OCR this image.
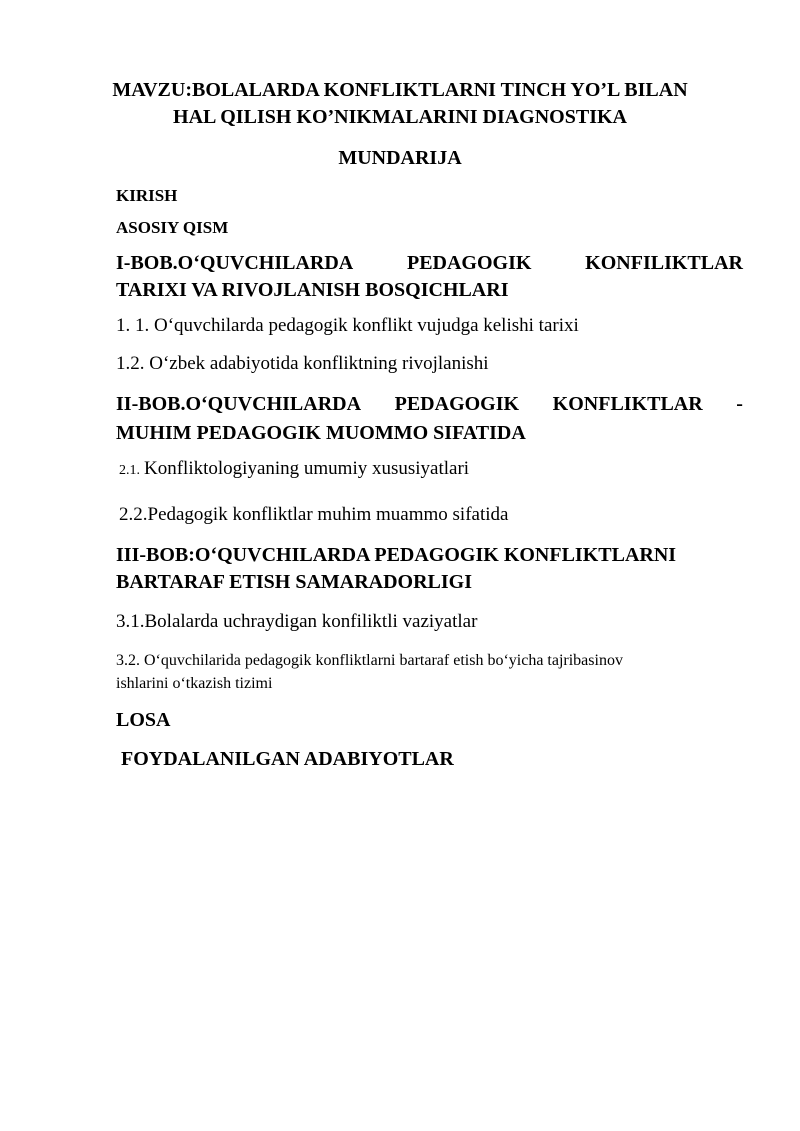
MAVZU:BOLALARDA KONFLIKTLARNI TINCH YO’L BILAN
HAL QILISH KO’NIKMALARINI DIAGNOSTIKA
MUNDARIJA
KIRISH
ASOSIY QISM
I-BOB.O‘QUVCHILARDA	PEDAGOGIK	KONFILIKTLAR
TARIXI VA RIVOJLANISH BOSQICHLARI
1. 1. O‘quvchilarda pedagogik konflikt vujudga kelishi tarixi
1.2. O‘zbek adabiyotida konfliktning rivojlanishi
II-BOB.O‘QUVCHILARDA PEDAGOGIK KONFLIKTLAR -
MUHIM PEDAGOGIK MUOMMO SIFATIDA
2.1. Konfliktologiyaning umumiy xususiyatlari
2.2.Pedagogik konfliktlar muhim muammo sifatida
III-BOB:O‘QUVCHILARDA PEDAGOGIK KONFLIKTLARNI
BARTARAF ETISH SAMARADORLIGI
3.1.Bolalarda uchraydigan konfiliktli vaziyatlar
3.2. O‘quvchilarida pedagogik konfliktlarni bartaraf etish bo‘yicha tajribasinov
ishlarini o‘tkazish tizimi
LOSA
FOYDALANILGAN ADABIYOTLAR
